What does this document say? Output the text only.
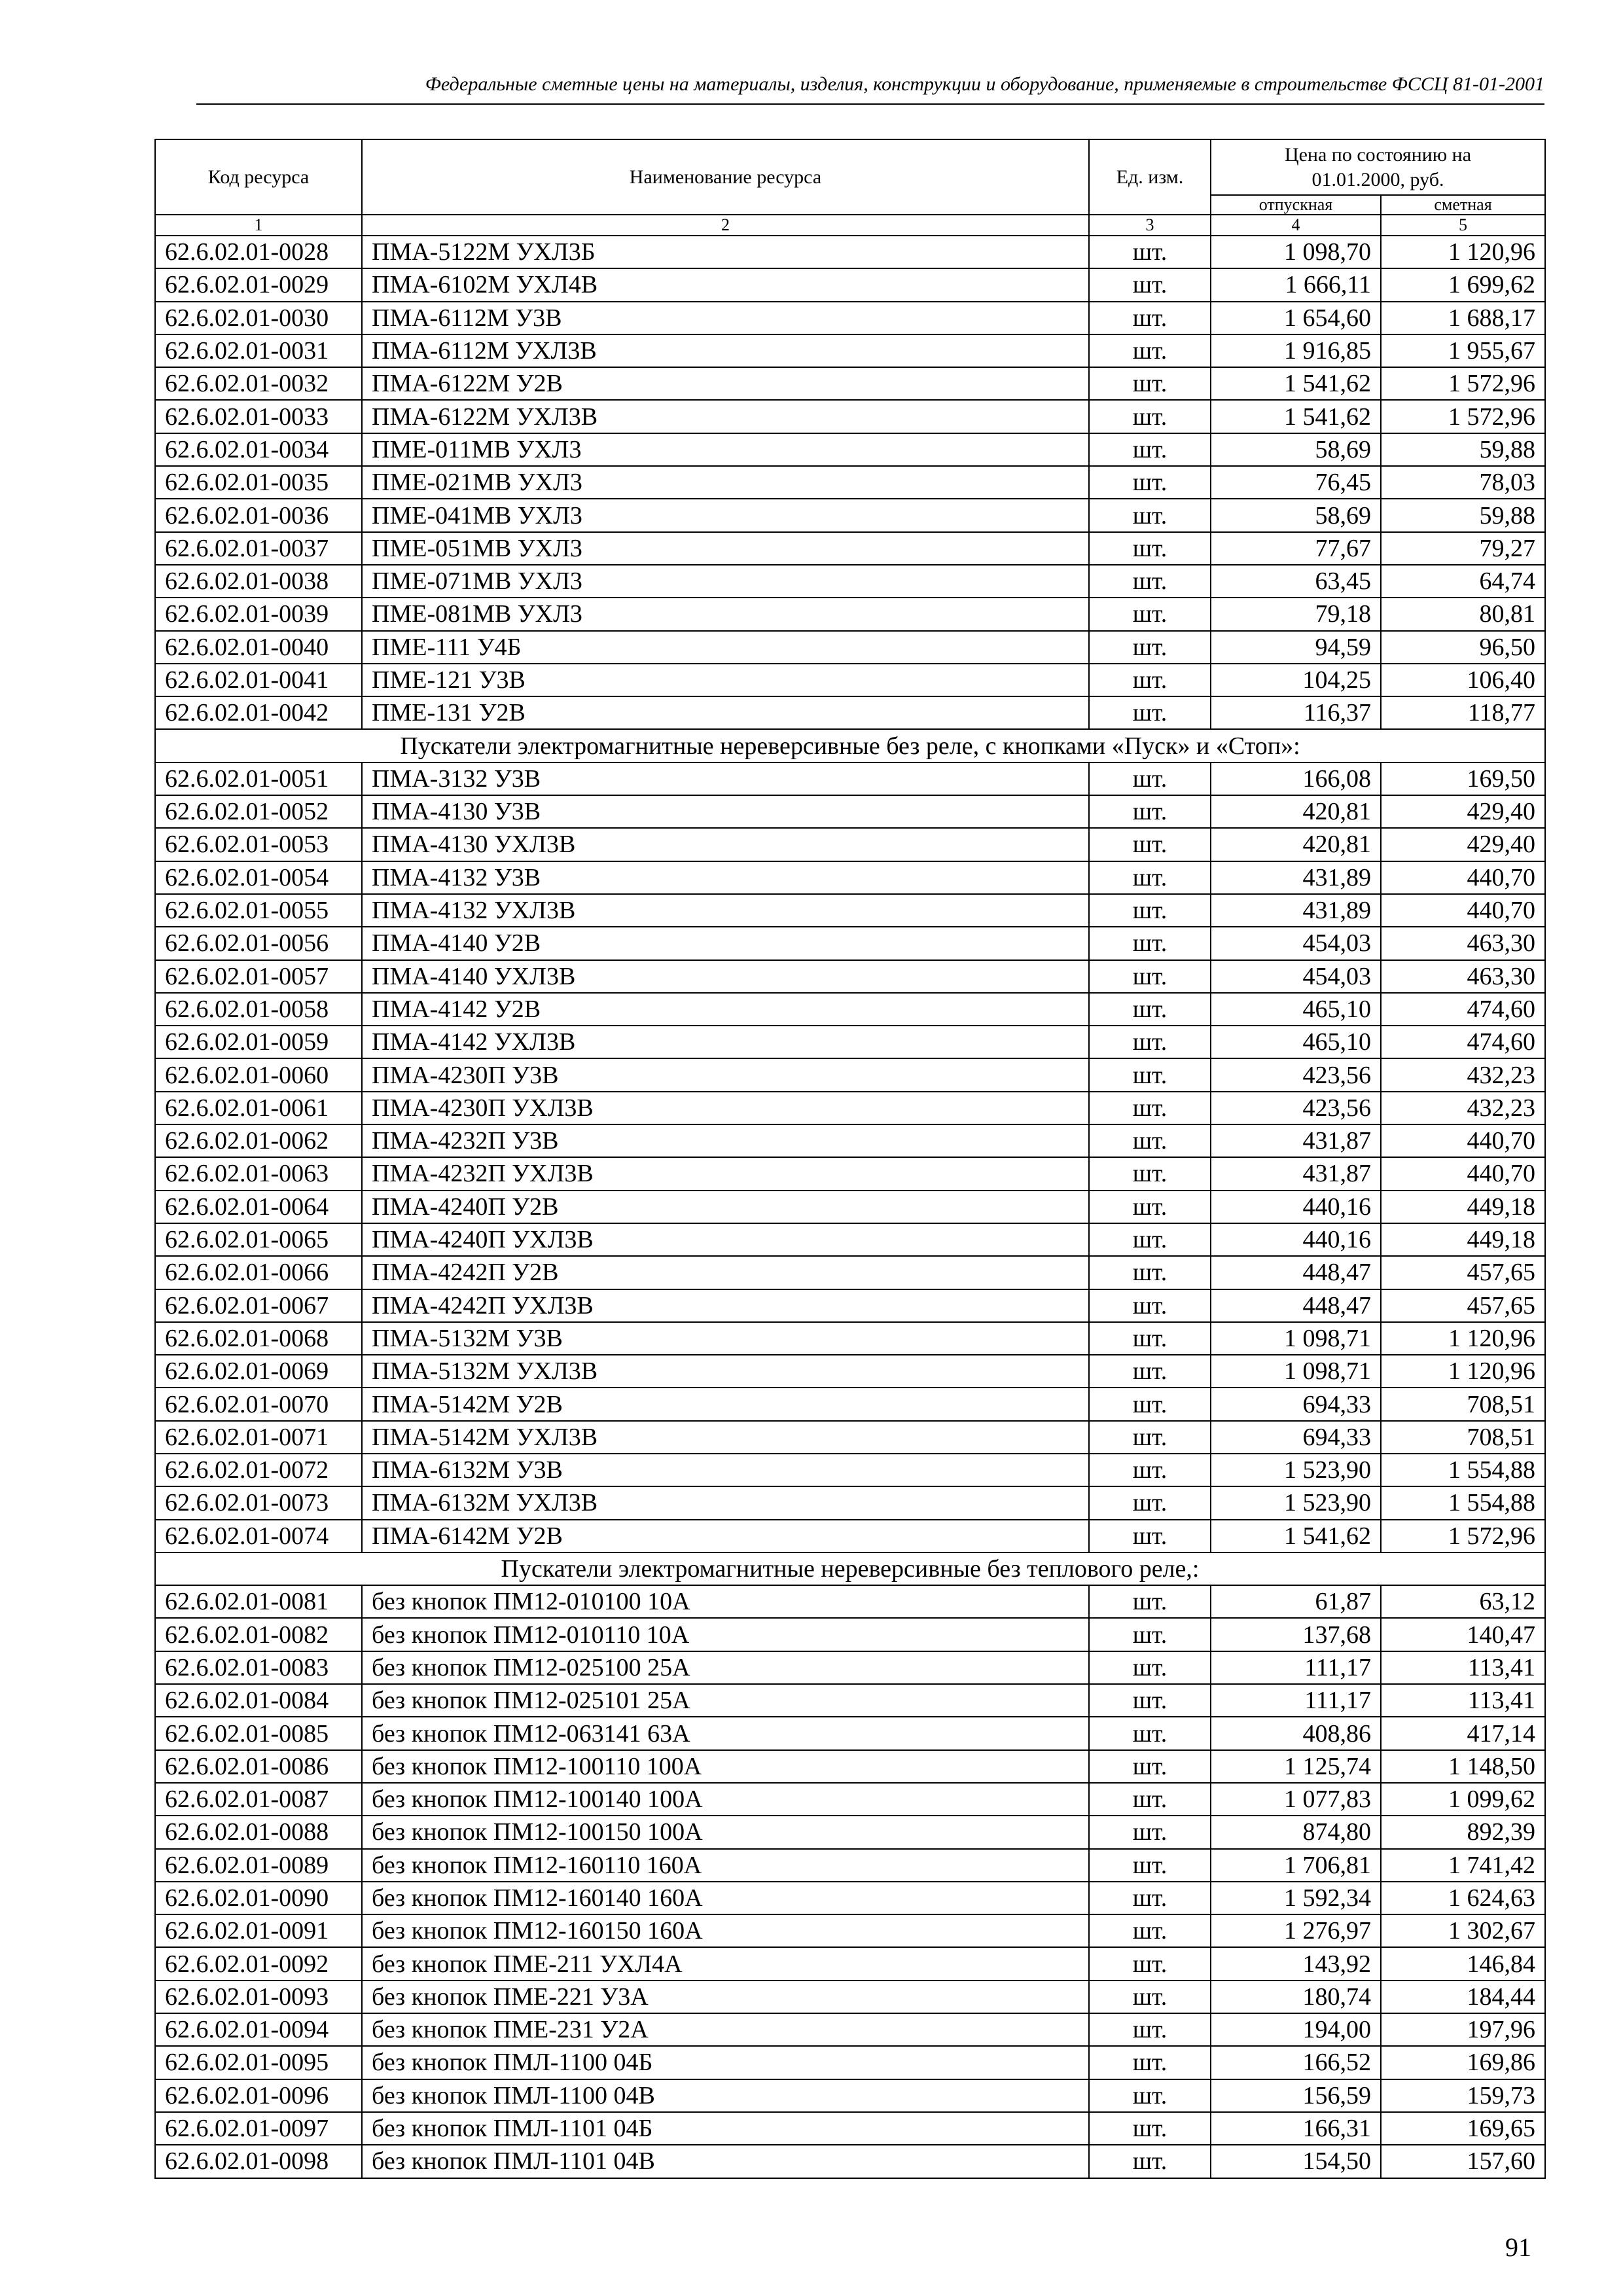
Федеральные сметные цены на материалы, изделия, конструкции и оборудование, применяемые в строительстве ФССЦ 81-01-2001
Код ресурса	Наименование ресурса	Ед. изм.	Цена по состоянию на 01.01.2000, руб.	
			отпускная	сметная
1	2	3	4	5
62.6.02.01-0028	ПМА-5122М УХЛ3Б	шт.	1 098,70	1 120,96
62.6.02.01-0029	ПМА-6102М УХЛ4В	шт.	1 666,11	1 699,62
62.6.02.01-0030	ПМА-6112М У3В	шт.	1 654,60	1 688,17
62.6.02.01-0031	ПМА-6112М УХЛ3В	шт.	1 916,85	1 955,67
62.6.02.01-0032	ПМА-6122М У2В	шт.	1 541,62	1 572,96
62.6.02.01-0033	ПМА-6122М УХЛ3В	шт.	1 541,62	1 572,96
62.6.02.01-0034	ПМЕ-011МВ УХЛ3	шт.	58,69	59,88
62.6.02.01-0035	ПМЕ-021МВ УХЛ3	шт.	76,45	78,03
62.6.02.01-0036	ПМЕ-041МВ УХЛ3	шт.	58,69	59,88
62.6.02.01-0037	ПМЕ-051МВ УХЛ3	шт.	77,67	79,27
62.6.02.01-0038	ПМЕ-071МВ УХЛ3	шт.	63,45	64,74
62.6.02.01-0039	ПМЕ-081МВ УХЛ3	шт.	79,18	80,81
62.6.02.01-0040	ПМЕ-111 У4Б	шт.	94,59	96,50
62.6.02.01-0041	ПМЕ-121 У3В	шт.	104,25	106,40
62.6.02.01-0042	ПМЕ-131 У2В	шт.	116,37	118,77
Пускатели электромагнитные нереверсивные без реле, с кнопками «Пуск» и «Стоп»:				
62.6.02.01-0051	ПМА-3132 У3В	шт.	166,08	169,50
62.6.02.01-0052	ПМА-4130 У3В	шт.	420,81	429,40
62.6.02.01-0053	ПМА-4130 УХЛ3В	шт.	420,81	429,40
62.6.02.01-0054	ПМА-4132 У3В	шт.	431,89	440,70
62.6.02.01-0055	ПМА-4132 УХЛ3В	шт.	431,89	440,70
62.6.02.01-0056	ПМА-4140 У2В	шт.	454,03	463,30
62.6.02.01-0057	ПМА-4140 УХЛ3В	шт.	454,03	463,30
62.6.02.01-0058	ПМА-4142 У2В	шт.	465,10	474,60
62.6.02.01-0059	ПМА-4142 УХЛ3В	шт.	465,10	474,60
62.6.02.01-0060	ПМА-4230П У3В	шт.	423,56	432,23
62.6.02.01-0061	ПМА-4230П УХЛ3В	шт.	423,56	432,23
62.6.02.01-0062	ПМА-4232П У3В	шт.	431,87	440,70
62.6.02.01-0063	ПМА-4232П УХЛ3В	шт.	431,87	440,70
62.6.02.01-0064	ПМА-4240П У2В	шт.	440,16	449,18
62.6.02.01-0065	ПМА-4240П УХЛ3В	шт.	440,16	449,18
62.6.02.01-0066	ПМА-4242П У2В	шт.	448,47	457,65
62.6.02.01-0067	ПМА-4242П УХЛ3В	шт.	448,47	457,65
62.6.02.01-0068	ПМА-5132М У3В	шт.	1 098,71	1 120,96
62.6.02.01-0069	ПМА-5132М УХЛ3В	шт.	1 098,71	1 120,96
62.6.02.01-0070	ПМА-5142М У2В	шт.	694,33	708,51
62.6.02.01-0071	ПМА-5142М УХЛ3В	шт.	694,33	708,51
62.6.02.01-0072	ПМА-6132М У3В	шт.	1 523,90	1 554,88
62.6.02.01-0073	ПМА-6132М УХЛ3В	шт.	1 523,90	1 554,88
62.6.02.01-0074	ПМА-6142М У2В	шт.	1 541,62	1 572,96
Пускатели электромагнитные нереверсивные без теплового реле,:				
62.6.02.01-0081	без кнопок ПМ12-010100 10А	шт.	61,87	63,12
62.6.02.01-0082	без кнопок ПМ12-010110 10А	шт.	137,68	140,47
62.6.02.01-0083	без кнопок ПМ12-025100 25А	шт.	111,17	113,41
62.6.02.01-0084	без кнопок ПМ12-025101 25А	шт.	111,17	113,41
62.6.02.01-0085	без кнопок ПМ12-063141 63А	шт.	408,86	417,14
62.6.02.01-0086	без кнопок ПМ12-100110 100А	шт.	1 125,74	1 148,50
62.6.02.01-0087	без кнопок ПМ12-100140 100А	шт.	1 077,83	1 099,62
62.6.02.01-0088	без кнопок ПМ12-100150 100А	шт.	874,80	892,39
62.6.02.01-0089	без кнопок ПМ12-160110 160А	шт.	1 706,81	1 741,42
62.6.02.01-0090	без кнопок ПМ12-160140 160А	шт.	1 592,34	1 624,63
62.6.02.01-0091	без кнопок ПМ12-160150 160А	шт.	1 276,97	1 302,67
62.6.02.01-0092	без кнопок ПМЕ-211 УХЛ4А	шт.	143,92	146,84
62.6.02.01-0093	без кнопок ПМЕ-221 У3А	шт.	180,74	184,44
62.6.02.01-0094	без кнопок ПМЕ-231 У2А	шт.	194,00	197,96
62.6.02.01-0095	без кнопок ПМЛ-1100 04Б	шт.	166,52	169,86
62.6.02.01-0096	без кнопок ПМЛ-1100 04В	шт.	156,59	159,73
62.6.02.01-0097	без кнопок ПМЛ-1101 04Б	шт.	166,31	169,65
62.6.02.01-0098	без кнопок ПМЛ-1101 04В	шт.	154,50	157,60
91
